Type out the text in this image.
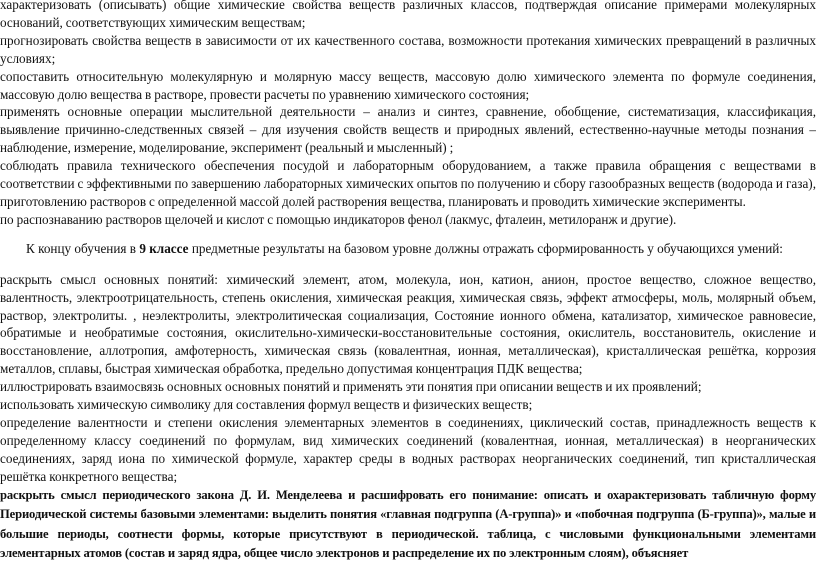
характеризовать (описывать) общие химические свойства веществ различных классов, подтверждая описание примерами молекулярных оснований, соответствующих химическим веществам;

прогнозировать свойства веществ в зависимости от их качественного состава, возможности протекания химических превращений в различных условиях;

сопоставить относительную молекулярную и молярную массу веществ, массовую долю химического элемента по формуле соединения, массовую долю вещества в растворе, провести расчеты по уравнению химического состояния;

применять основные операции мыслительной деятельности – анализ и синтез, сравнение, обобщение, систематизация, классификация, выявление причинно-следственных связей – для изучения свойств веществ и природных явлений, естественно-научные методы познания – наблюдение, измерение, моделирование, эксперимент (реальный и мысленный) ;

соблюдать правила технического обеспечения посудой и лабораторным оборудованием, а также правила обращения с веществами в соответствии с эффективными по завершению лабораторных химических опытов по получению и сбору газообразных веществ (водорода и газа), приготовлению растворов с определенной массой долей растворения вещества, планировать и проводить химические эксперименты.

по распознаванию растворов щелочей и кислот с помощью индикаторов фенол (лакмус, фталеин, метилоранж и другие).

К концу обучения в 9 классе предметные результаты на базовом уровне должны отражать сформированность у обучающихся умений:

раскрыть смысл основных понятий: химический элемент, атом, молекула, ион, катион, анион, простое вещество, сложное вещество, валентность, электроотрицательность, степень окисления, химическая реакция, химическая связь, эффект атмосферы, моль, молярный объем, раствор, электролиты. , неэлектролиты, электролитическая социализация, Состояние ионного обмена, катализатор, химическое равновесие, обратимые и необратимые состояния, окислительно-химически-восстановительные состояния, окислитель, восстановитель, окисление и восстановление, аллотропия, амфотерность, химическая связь (ковалентная, ионная, металлическая), кристаллическая решётка, коррозия металлов, сплавы, быстрая химическая обработка, предельно допустимая концентрация ПДК вещества;

иллюстрировать взаимосвязь основных основных понятий и применять эти понятия при описании веществ и их проявлений;

использовать химическую символику для составления формул веществ и физических веществ;

определение валентности и степени окисления элементарных элементов в соединениях, циклический состав, принадлежность веществ к определенному классу соединений по формулам, вид химических соединений (ковалентная, ионная, металлическая) в неорганических соединениях, заряд иона по химической формуле, характер среды в водных растворах неорганических соединений, тип кристаллическая решётка конкретного вещества;

раскрыть смысл периодического закона Д. И. Менделеева и расшифровать его понимание: описать и охарактеризовать табличную форму Периодической системы базовыми элементами: выделить понятия «главная подгруппа (А-группа)» и «побочная подгруппа (Б-группа)», малые и большие периоды, соотнести формы, которые присутствуют в периодической. таблица, с числовыми функциональными элементами элементарных атомов (состав и заряд ядра, общее число электронов и распределение их по электронным слоям), объясняет
